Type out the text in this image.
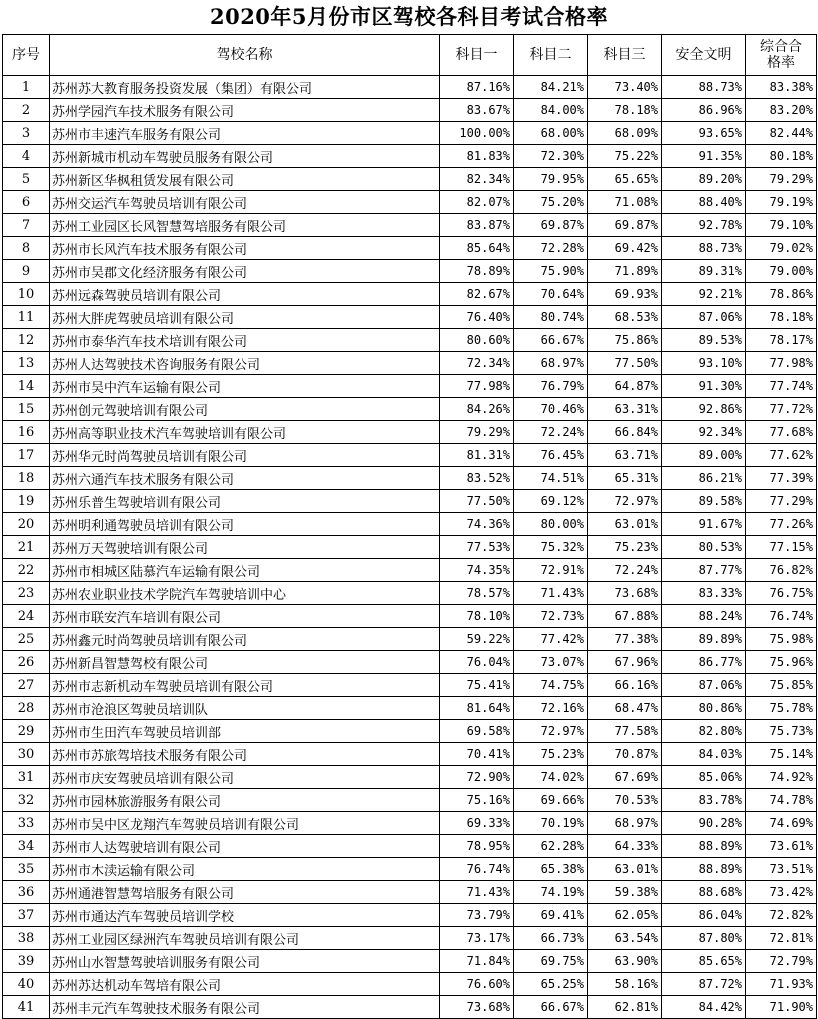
2020年5月份市区驾校各科目考试合格率
序号	驾校名称	科目一	科目二	科目三	安全文明	综合合
格率
1	苏州苏大教育服务投资发展（集团）有限公司	87.16%	84.21%	73.40%	88.73%	83.38%
2	苏州学园汽车技术服务有限公司	83.67%	84.00%	78.18%	86.96%	83.20%
3	苏州市丰速汽车服务有限公司	100.00%	68.00%	68.09%	93.65%	82.44%
4	苏州新城市机动车驾驶员服务有限公司	81.83%	72.30%	75.22%	91.35%	80.18%
5	苏州新区华枫租赁发展有限公司	82.34%	79.95%	65.65%	89.20%	79.29%
6	苏州交运汽车驾驶员培训有限公司	82.07%	75.20%	71.08%	88.40%	79.19%
7	苏州工业园区长风智慧驾培服务有限公司	83.87%	69.87%	69.87%	92.78%	79.10%
8	苏州市长风汽车技术服务有限公司	85.64%	72.28%	69.42%	88.73%	79.02%
9	苏州市吴郡文化经济服务有限公司	78.89%	75.90%	71.89%	89.31%	79.00%
10	苏州远森驾驶员培训有限公司	82.67%	70.64%	69.93%	92.21%	78.86%
11	苏州大胖虎驾驶员培训有限公司	76.40%	80.74%	68.53%	87.06%	78.18%
12	苏州市泰华汽车技术培训有限公司	80.60%	66.67%	75.86%	89.53%	78.17%
13	苏州人达驾驶技术咨询服务有限公司	72.34%	68.97%	77.50%	93.10%	77.98%
14	苏州市吴中汽车运输有限公司	77.98%	76.79%	64.87%	91.30%	77.74%
15	苏州创元驾驶培训有限公司	84.26%	70.46%	63.31%	92.86%	77.72%
16	苏州高等职业技术汽车驾驶培训有限公司	79.29%	72.24%	66.84%	92.34%	77.68%
17	苏州华元时尚驾驶员培训有限公司	81.31%	76.45%	63.71%	89.00%	77.62%
18	苏州六通汽车技术服务有限公司	83.52%	74.51%	65.31%	86.21%	77.39%
19	苏州乐普生驾驶培训有限公司	77.50%	69.12%	72.97%	89.58%	77.29%
20	苏州明利通驾驶员培训有限公司	74.36%	80.00%	63.01%	91.67%	77.26%
21	苏州万天驾驶培训有限公司	77.53%	75.32%	75.23%	80.53%	77.15%
22	苏州市相城区陆慕汽车运输有限公司	74.35%	72.91%	72.24%	87.77%	76.82%
23	苏州农业职业技术学院汽车驾驶培训中心	78.57%	71.43%	73.68%	83.33%	76.75%
24	苏州市联安汽车培训有限公司	78.10%	72.73%	67.88%	88.24%	76.74%
25	苏州鑫元时尚驾驶员培训有限公司	59.22%	77.42%	77.38%	89.89%	75.98%
26	苏州新昌智慧驾校有限公司	76.04%	73.07%	67.96%	86.77%	75.96%
27	苏州市志新机动车驾驶员培训有限公司	75.41%	74.75%	66.16%	87.06%	75.85%
28	苏州市沧浪区驾驶员培训队	81.64%	72.16%	68.47%	80.86%	75.78%
29	苏州市生田汽车驾驶员培训部	69.58%	72.97%	77.58%	82.80%	75.73%
30	苏州市苏旅驾培技术服务有限公司	70.41%	75.23%	70.87%	84.03%	75.14%
31	苏州市庆安驾驶员培训有限公司	72.90%	74.02%	67.69%	85.06%	74.92%
32	苏州市园林旅游服务有限公司	75.16%	69.66%	70.53%	83.78%	74.78%
33	苏州市吴中区龙翔汽车驾驶员培训有限公司	69.33%	70.19%	68.97%	90.28%	74.69%
34	苏州市人达驾驶培训有限公司	78.95%	62.28%	64.33%	88.89%	73.61%
35	苏州市木渎运输有限公司	76.74%	65.38%	63.01%	88.89%	73.51%
36	苏州通港智慧驾培服务有限公司	71.43%	74.19%	59.38%	88.68%	73.42%
37	苏州市通达汽车驾驶员培训学校	73.79%	69.41%	62.05%	86.04%	72.82%
38	苏州工业园区绿洲汽车驾驶员培训有限公司	73.17%	66.73%	63.54%	87.80%	72.81%
39	苏州山水智慧驾驶培训服务有限公司	71.84%	69.75%	63.90%	85.65%	72.79%
40	苏州苏达机动车驾培有限公司	76.60%	65.25%	58.16%	87.72%	71.93%
41	苏州丰元汽车驾驶技术服务有限公司	73.68%	66.67%	62.81%	84.42%	71.90%
